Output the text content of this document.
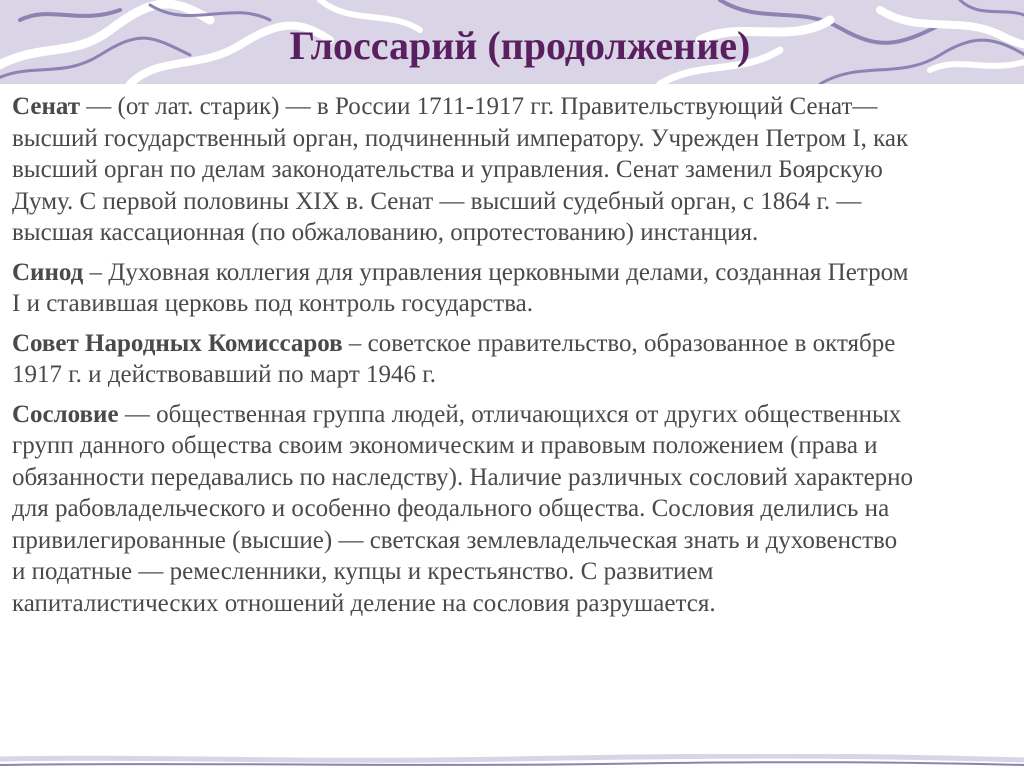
Глоссарий (продолжение)

Сенат — (от лат. старик) — в России 1711-1917 гг. Правительствующий Сенат—
высший государственный орган, подчиненный императору. Учрежден Петром I, как
высший орган по делам законодательства и управления. Сенат заменил Боярскую
Думу. С первой половины XIX в. Сенат — высший судебный орган, с 1864 г. —
высшая кассационная (по обжалованию, опротестованию) инстанция.

Синод – Духовная коллегия для управления церковными делами, созданная Петром
I и ставившая церковь под контроль государства.

Совет Народных Комиссаров – советское правительство, образованное в октябре
1917 г. и действовавший по март 1946 г.

Сословие — общественная группа людей, отличающихся от других общественных
групп данного общества своим экономическим и правовым положением (права и
обязанности передавались по наследству). Наличие различных сословий характерно
для рабовладельческого и особенно феодального общества. Сословия делились на
привилегированные (высшие) — светская землевладельческая знать и духовенство
и податные — ремесленники, купцы и крестьянство. С развитием
капиталистических отношений деление на сословия разрушается.
